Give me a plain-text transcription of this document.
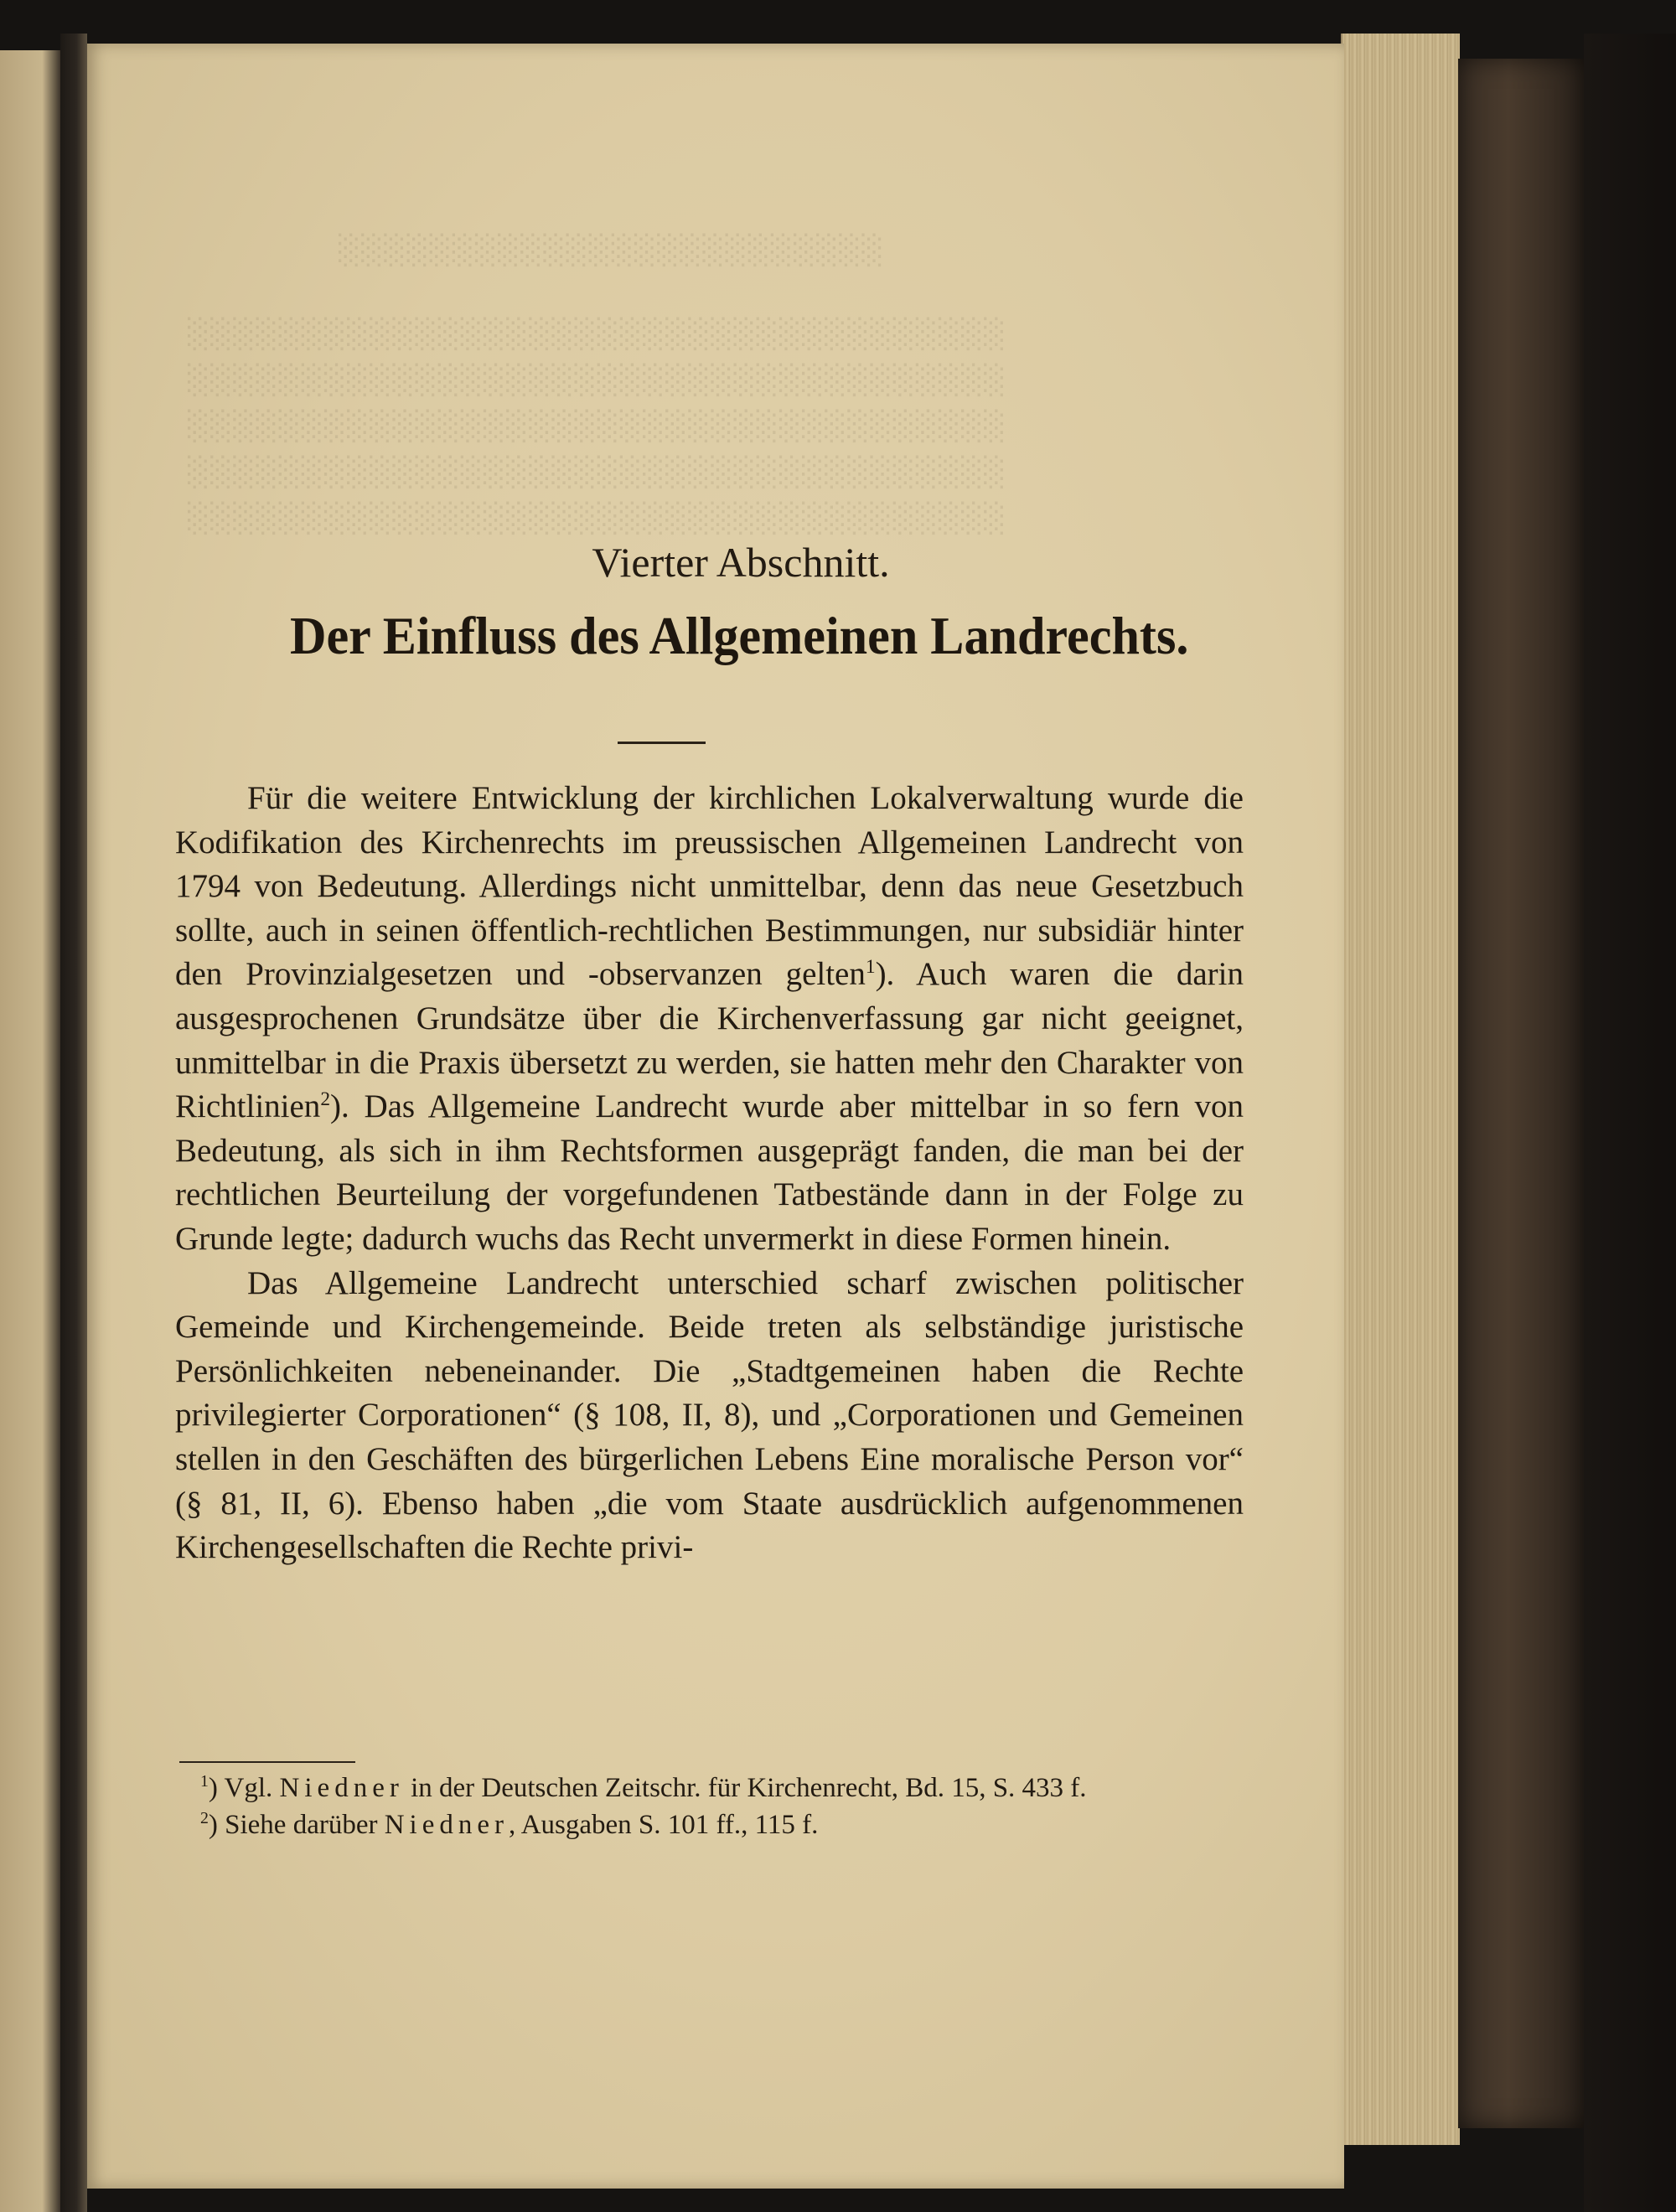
░░░░░░░░░░░░░░░░░░░░░░░░
░░░░░░░░░░░░░░░░░░░░░░░░░░░░░░░░░░░░
░░░░░░░░░░░░░░░░░░░░░░░░░░░░░░░░░░░░
░░░░░░░░░░░░░░░░░░░░░░░░░░░░░░░░░░░░
░░░░░░░░░░░░░░░░░░░░░░░░░░░░░░░░░░░░
░░░░░░░░░░░░░░░░░░░░░░░░░░░░░░░░░░░░
Vierter Abschnitt.
Der Einfluss des Allgemeinen Landrechts.

Für die weitere Entwicklung der kirchlichen Lokalverwaltung wurde die Kodifikation des Kirchenrechts im preussischen Allgemeinen Landrecht von 1794 von Bedeutung. Allerdings nicht unmittelbar, denn das neue Gesetzbuch sollte, auch in seinen öffentlich-rechtlichen Bestimmungen, nur subsidiär hinter den Provinzialgesetzen und -observanzen gelten$^1$). Auch waren die darin ausgesprochenen Grundsätze über die Kirchenverfassung gar nicht geeignet, unmittelbar in die Praxis übersetzt zu werden, sie hatten mehr den Charakter von Richtlinien$^2$). Das Allgemeine Landrecht wurde aber mittelbar in so fern von Bedeutung, als sich in ihm Rechtsformen ausgeprägt fanden, die man bei der rechtlichen Beurteilung der vorgefundenen Tatbestände dann in der Folge zu Grunde legte; dadurch wuchs das Recht unvermerkt in diese Formen hinein.

Das Allgemeine Landrecht unterschied scharf zwischen politischer Gemeinde und Kirchengemeinde. Beide treten als selbständige juristische Persönlichkeiten nebeneinander. Die „Stadtgemeinen haben die Rechte privilegierter Corporationen“ (§ 108, II, 8), und „Corporationen und Gemeinen stellen in den Geschäften des bürgerlichen Lebens Eine moralische Person vor“ (§ 81, II, 6). Ebenso haben „die vom Staate ausdrücklich aufgenommenen Kirchengesellschaften die Rechte privi-

$^1$) Vgl. Niedner in der Deutschen Zeitschr. für Kirchenrecht, Bd. 15, S. 433 f.

$^2$) Siehe darüber Niedner, Ausgaben S. 101 ff., 115 f.
